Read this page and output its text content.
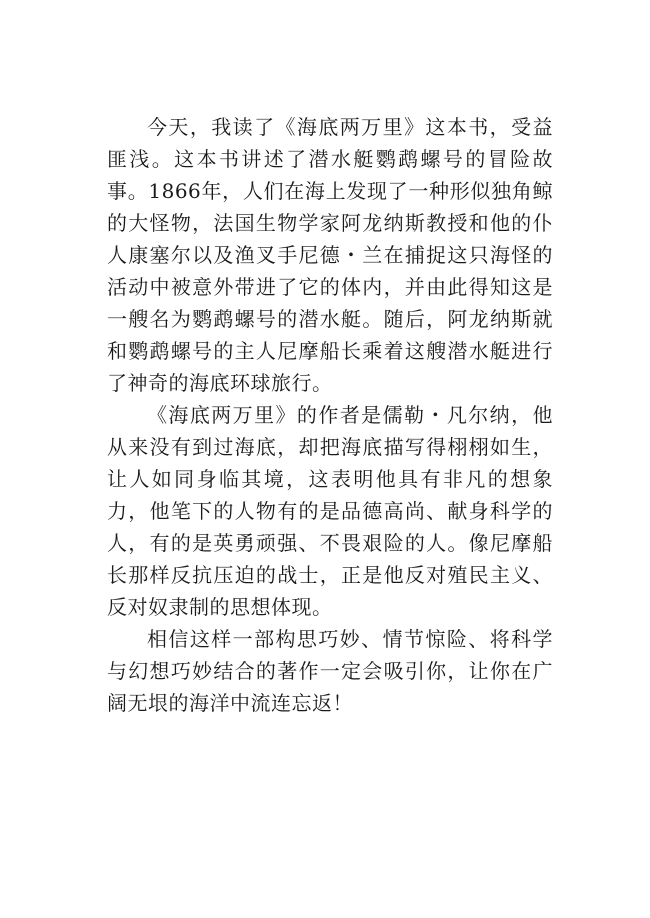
今天，我读了《海底两万里》这本书，受益匪浅。这本书讲述了潜水艇鹦鹉螺号的冒险故事。1866年，人们在海上发现了一种形似独角鲸的大怪物，法国生物学家阿龙纳斯教授和他的仆人康塞尔以及渔叉手尼德・兰在捕捉这只海怪的活动中被意外带进了它的体内，并由此得知这是一艘名为鹦鹉螺号的潜水艇。随后，阿龙纳斯就和鹦鹉螺号的主人尼摩船长乘着这艘潜水艇进行了神奇的海底环球旅行。

《海底两万里》的作者是儒勒・凡尔纳，他从来没有到过海底，却把海底描写得栩栩如生，让人如同身临其境，这表明他具有非凡的想象力，他笔下的人物有的是品德高尚、献身科学的人，有的是英勇顽强、不畏艰险的人。像尼摩船长那样反抗压迫的战士，正是他反对殖民主义、反对奴隶制的思想体现。

相信这样一部构思巧妙、情节惊险、将科学与幻想巧妙结合的著作一定会吸引你，让你在广阔无垠的海洋中流连忘返！
